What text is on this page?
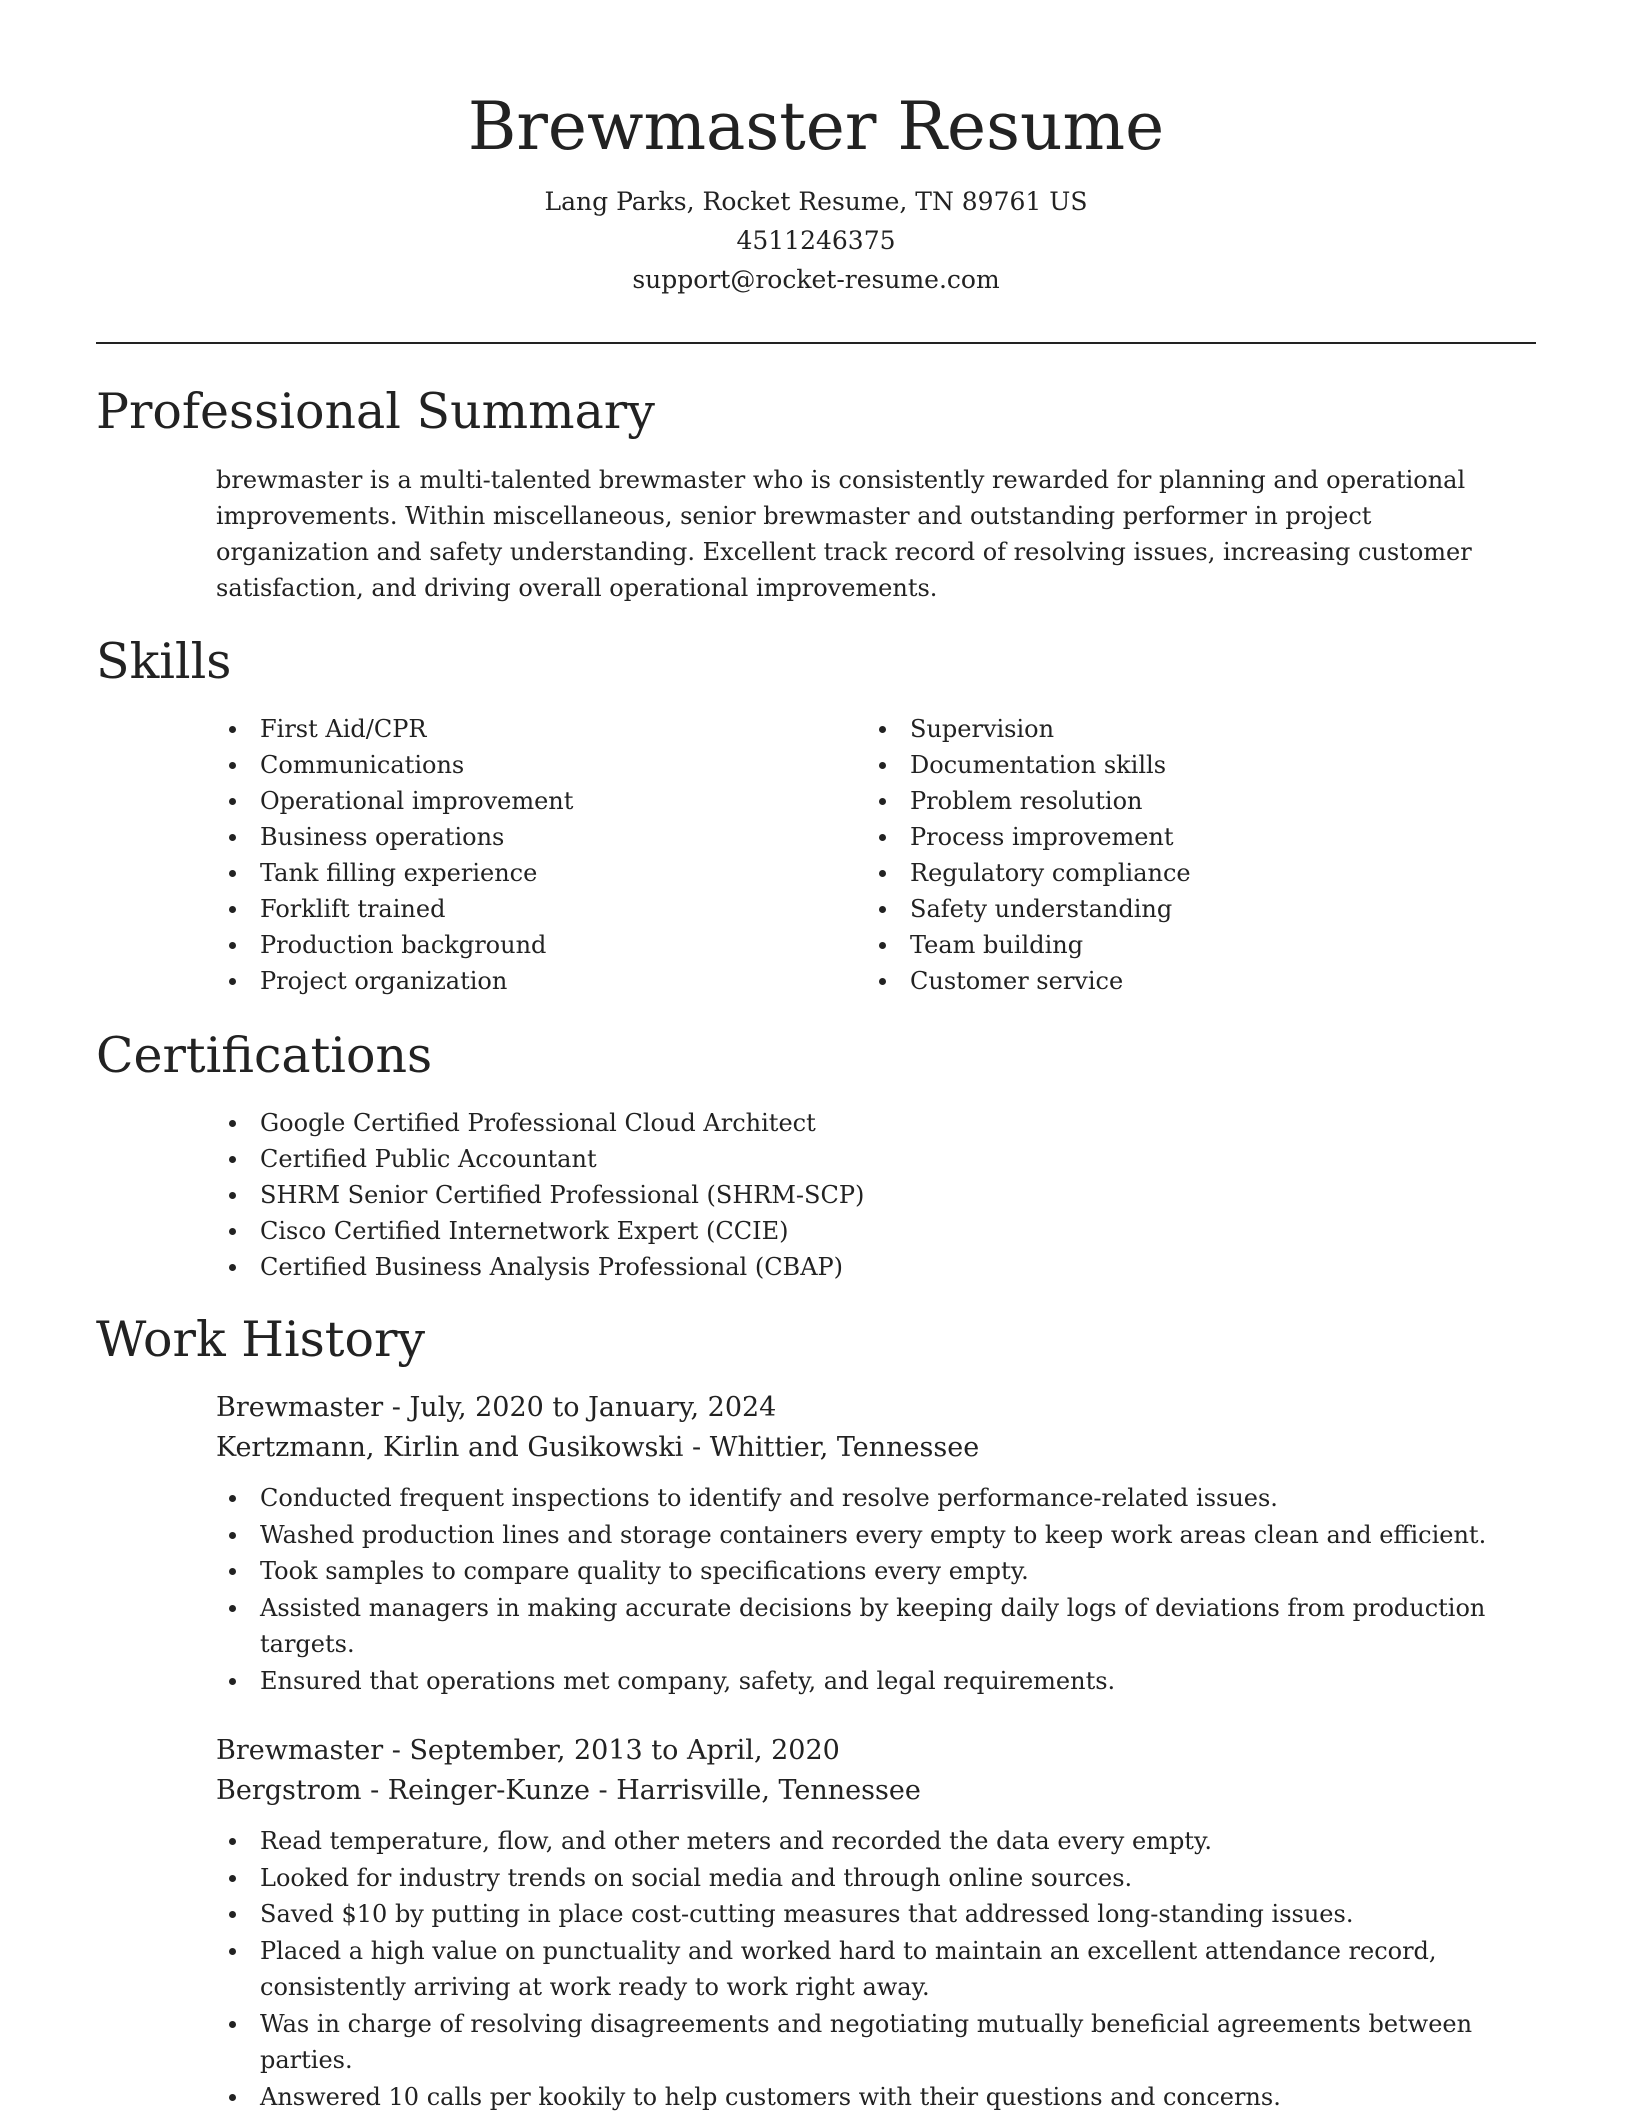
Brewmaster Resume
Lang Parks, Rocket Resume, TN 89761 US
4511246375
support@rocket-resume.com
Professional Summary

brewmaster is a multi-talented brewmaster who is consistently rewarded for planning and operational improvements. Within miscellaneous, senior brewmaster and outstanding performer in project organization and safety understanding. Excellent track record of resolving issues, increasing customer satisfaction, and driving overall operational improvements.

Skills
First Aid/CPR
Communications
Operational improvement
Business operations
Tank filling experience
Forklift trained
Production background
Project organization
Supervision
Documentation skills
Problem resolution
Process improvement
Regulatory compliance
Safety understanding
Team building
Customer service
Certifications
Google Certified Professional Cloud Architect
Certified Public Accountant
SHRM Senior Certified Professional (SHRM-SCP)
Cisco Certified Internetwork Expert (CCIE)
Certified Business Analysis Professional (CBAP)
Work History
Brewmaster - July, 2020 to January, 2024
Kertzmann, Kirlin and Gusikowski - Whittier, Tennessee
Conducted frequent inspections to identify and resolve performance-related issues.
Washed production lines and storage containers every empty to keep work areas clean and efficient.
Took samples to compare quality to specifications every empty.
Assisted managers in making accurate decisions by keeping daily logs of deviations from production targets.
Ensured that operations met company, safety, and legal requirements.
Brewmaster - September, 2013 to April, 2020
Bergstrom - Reinger-Kunze - Harrisville, Tennessee
Read temperature, flow, and other meters and recorded the data every empty.
Looked for industry trends on social media and through online sources.
Saved $10 by putting in place cost-cutting measures that addressed long-standing issues.
Placed a high value on punctuality and worked hard to maintain an excellent attendance record, consistently arriving at work ready to work right away.
Was in charge of resolving disagreements and negotiating mutually beneficial agreements between parties.
Answered 10 calls per kookily to help customers with their questions and concerns.
